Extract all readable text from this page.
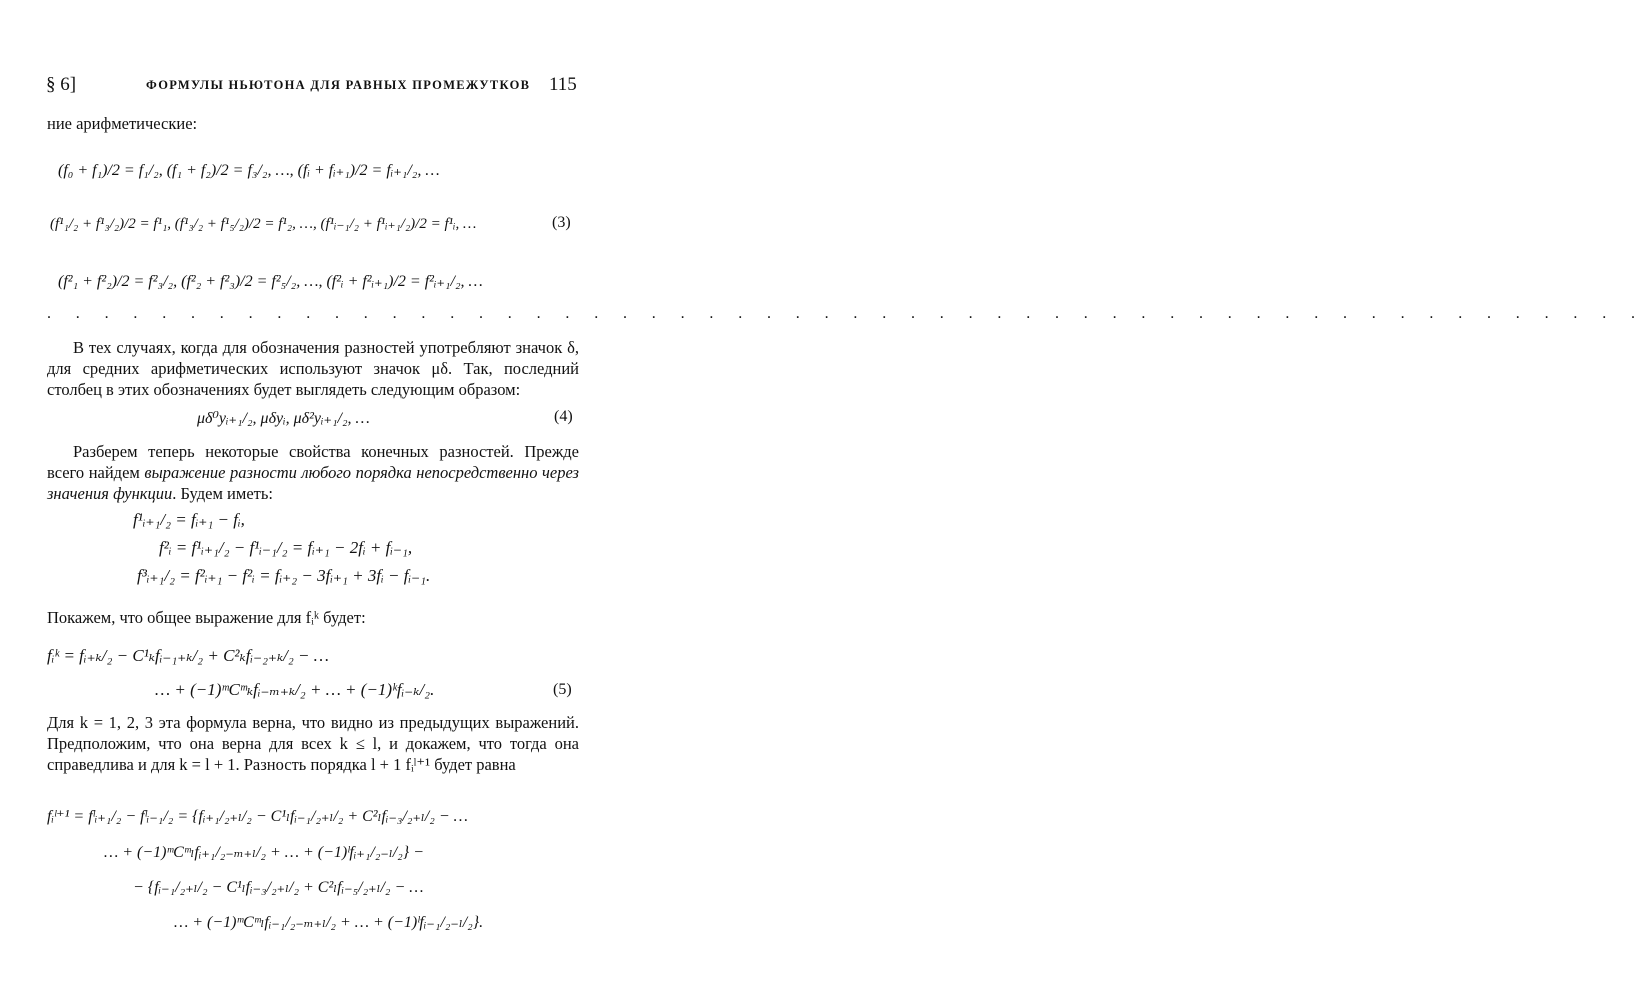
§ 6]	ФОРМУЛЫ НЬЮТОНА ДЛЯ РАВНЫХ ПРОМЕЖУТКОВ 115
ние арифметические:
(f₀ + f₁)/2 = f₁/₂, (f₁ + f₂)/2 = f₃/₂, …, (fᵢ + fᵢ₊₁)/2 = fᵢ₊₁/₂, …
(f¹₁/₂ + f¹₃/₂)/2 = f¹₁, (f¹₃/₂ + f¹₅/₂)/2 = f¹₂, …, (f¹ᵢ₋₁/₂ + f¹ᵢ₊₁/₂)/2 = f¹ᵢ, …	(3)
(f²₁ + f²₂)/2 = f²₃/₂, (f²₂ + f²₃)/2 = f²₅/₂, …, (f²ᵢ + f²ᵢ₊₁)/2 = f²ᵢ₊₁/₂, …
. . . . . . . . . . . . . . . . . . . . . . . . . . . . . . . . . . . . . . . . . . . . . . . . . . . . . . . .
В тех случаях, когда для обозначения разностей употребляют значок δ, для средних арифметических используют значок μδ. Так, последний столбец в этих обозначениях будет выглядеть следующим образом:
μδ⁰yᵢ₊₁/₂, μδyᵢ, μδ²yᵢ₊₁/₂, …	(4)
Разберем теперь некоторые свойства конечных разностей. Прежде всего найдем выражение разности любого порядка непосредственно через значения функции. Будем иметь:
f¹ᵢ₊₁/₂ = fᵢ₊₁ − fᵢ,
f²ᵢ = f¹ᵢ₊₁/₂ − f¹ᵢ₋₁/₂ = fᵢ₊₁ − 2fᵢ + fᵢ₋₁,
f³ᵢ₊₁/₂ = f²ᵢ₊₁ − f²ᵢ = fᵢ₊₂ − 3fᵢ₊₁ + 3fᵢ − fᵢ₋₁.
Покажем, что общее выражение для fᵢᵏ будет:
fᵢᵏ = fᵢ₊ₖ/₂ − C¹ₖfᵢ₋₁₊ₖ/₂ + C²ₖfᵢ₋₂₊ₖ/₂ − …
… + (−1)ᵐCᵐₖfᵢ₋ₘ₊ₖ/₂ + … + (−1)ᵏfᵢ₋ₖ/₂.	(5)
Для k = 1, 2, 3 эта формула верна, что видно из предыдущих выражений. Предположим, что она верна для всех k ≤ l, и докажем, что тогда она справедлива и для k = l + 1. Разность порядка l + 1 fᵢˡ⁺¹ будет равна
fᵢˡ⁺¹ = fˡᵢ₊₁/₂ − fˡᵢ₋₁/₂ = {fᵢ₊₁/₂₊ₗ/₂ − C¹ₗfᵢ₋₁/₂₊ₗ/₂ + C²ₗfᵢ₋₃/₂₊ₗ/₂ − …
… + (−1)ᵐCᵐₗfᵢ₊₁/₂₋ₘ₊ₗ/₂ + … + (−1)ˡfᵢ₊₁/₂₋ₗ/₂} −
− {fᵢ₋₁/₂₊ₗ/₂ − C¹ₗfᵢ₋₃/₂₊ₗ/₂ + C²ₗfᵢ₋₅/₂₊ₗ/₂ − …
… + (−1)ᵐCᵐₗfᵢ₋₁/₂₋ₘ₊ₗ/₂ + … + (−1)ˡfᵢ₋₁/₂₋ₗ/₂}.
